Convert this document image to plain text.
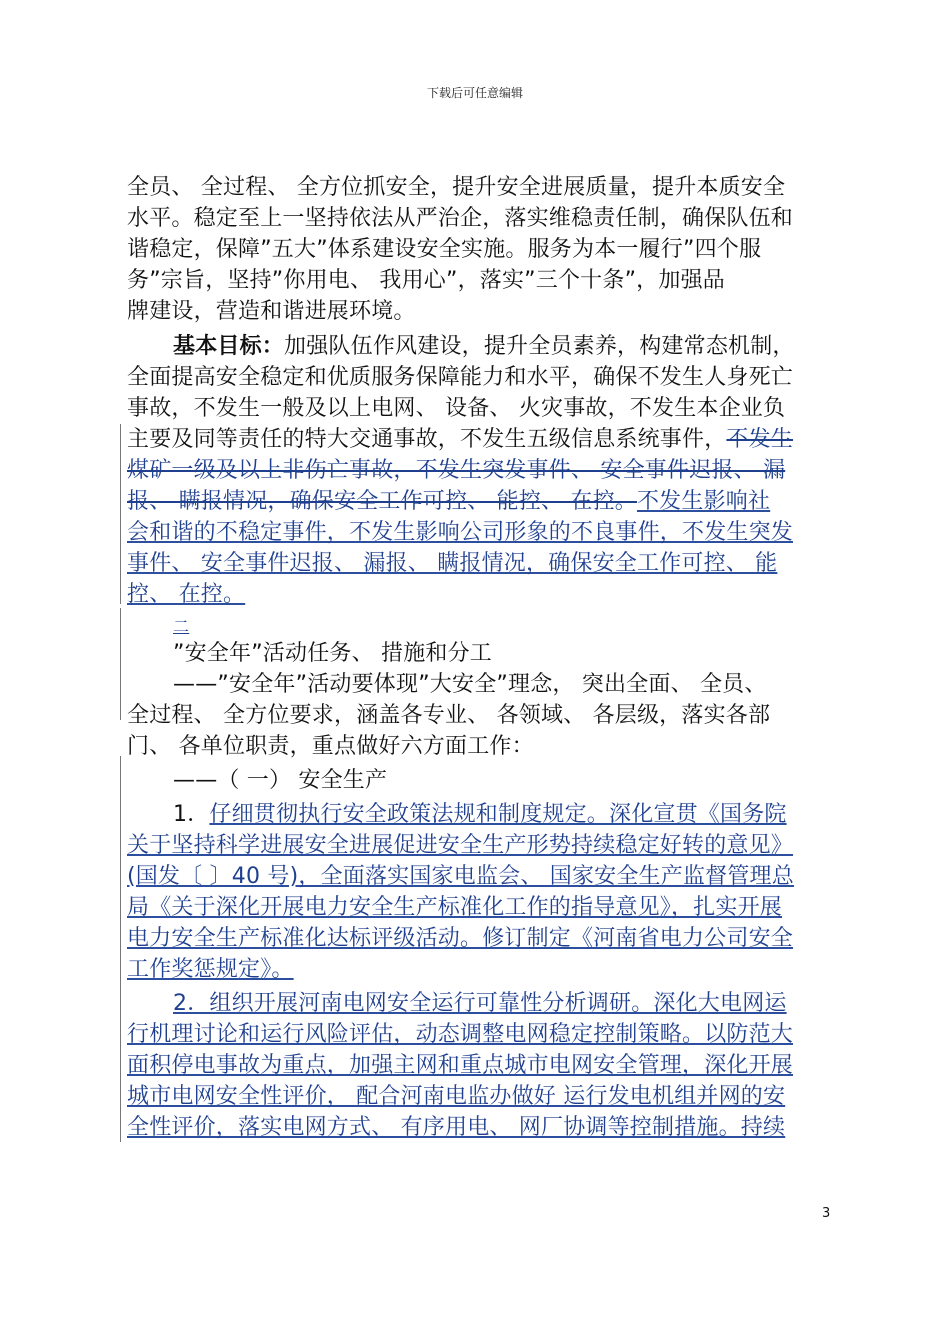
下载后可任意编辑
全员、 全过程、 全方位抓安全，提升安全进展质量，提升本质安全
水平。稳定至上一坚持依法从严治企，落实维稳责任制，确保队伍和
谐稳定，保障”五大”体系建设安全实施。服务为本一履行”四个服
务”宗旨，坚持”你用电、 我用心”，落实”三个十条”，加强品
牌建设，营造和谐进展环境。
基本目标：加强队伍作风建设，提升全员素养，构建常态机制，
全面提高安全稳定和优质服务保障能力和水平，确保不发生人身死亡
事故，不发生一般及以上电网、 设备、 火灾事故，不发生本企业负
主要及同等责任的特大交通事故，不发生五级信息系统事件，不发生
煤矿一级及以上非伤亡事故，不发生突发事件、 安全事件迟报、 漏
报、 瞒报情况，确保安全工作可控、 能控、 在控。不发生影响社
会和谐的不稳定事件，不发生影响公司形象的不良事件，不发生突发
事件、 安全事件迟报、 漏报、 瞒报情况，确保安全工作可控、 能
控、 在控。
二
”安全年”活动任务、 措施和分工
——”安全年”活动要体现”大安全”理念， 突出全面、 全员、
全过程、 全方位要求，涵盖各专业、 各领域、 各层级，落实各部
门、 各单位职责，重点做好六方面工作：
——（ 一） 安全生产
1．仔细贯彻执行安全政策法规和制度规定。深化宣贯《国务院
关于坚持科学进展安全进展促进安全生产形势持续稳定好转的意见》
(国发〔 〕40 号)，全面落实国家电监会、 国家安全生产监督管理总
局《关于深化开展电力安全生产标准化工作的指导意见》，扎实开展
电力安全生产标准化达标评级活动。修订制定《河南省电力公司安全
工作奖惩规定》。
2．组织开展河南电网安全运行可靠性分析调研。深化大电网运
行机理讨论和运行风险评估，动态调整电网稳定控制策略。以防范大
面积停电事故为重点，加强主网和重点城市电网安全管理，深化开展
城市电网安全性评价， 配合河南电监办做好 运行发电机组并网的安
全性评价，落实电网方式、 有序用电、 网厂协调等控制措施。持续
3
